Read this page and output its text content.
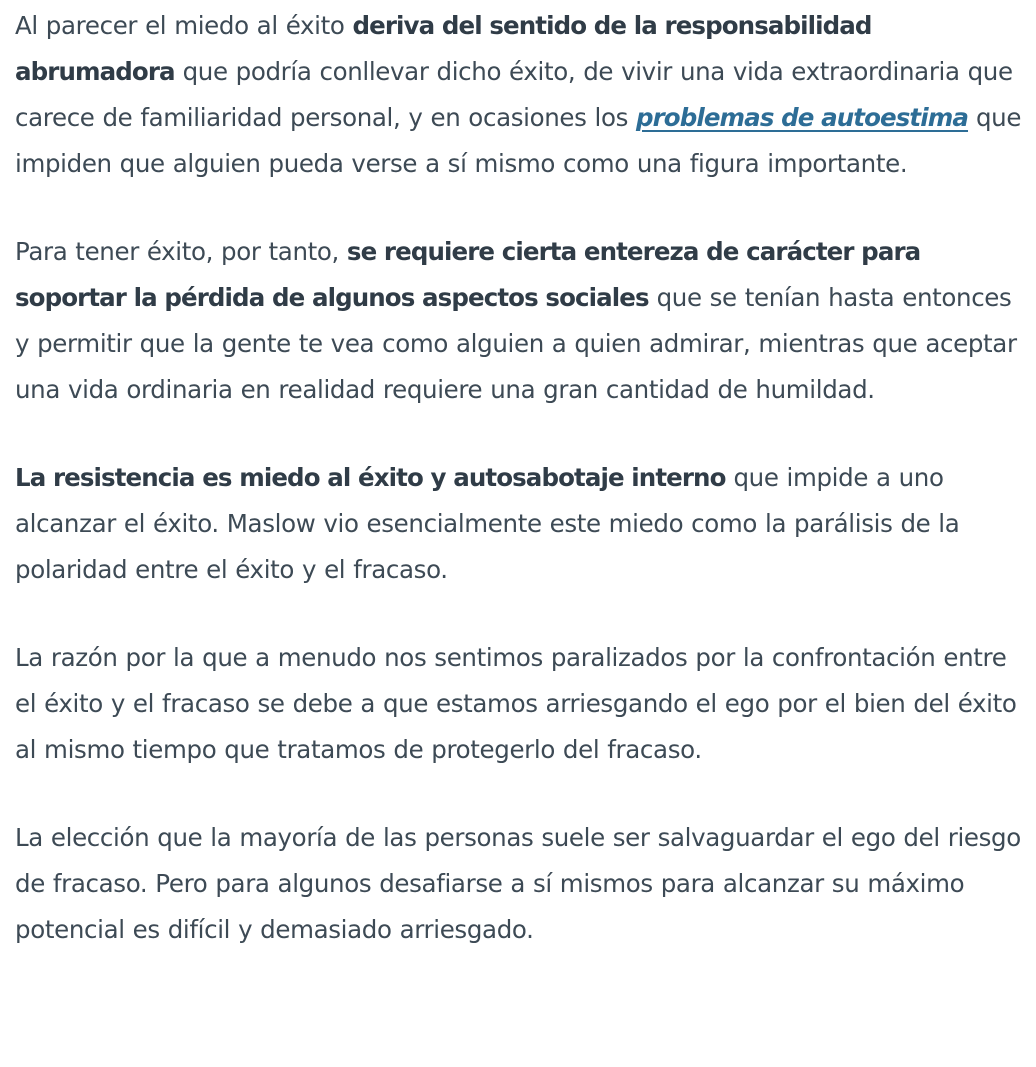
Al parecer el miedo al éxito deriva del sentido de la responsabilidad abrumadora que podría conllevar dicho éxito, de vivir una vida extraordinaria que carece de familiaridad personal, y en ocasiones los problemas de autoestima que impiden que alguien pueda verse a sí mismo como una figura importante.

Para tener éxito, por tanto, se requiere cierta entereza de carácter para soportar la pérdida de algunos aspectos sociales que se tenían hasta entonces y permitir que la gente te vea como alguien a quien admirar, mientras que aceptar una vida ordinaria en realidad requiere una gran cantidad de humildad.

La resistencia es miedo al éxito y autosabotaje interno que impide a uno alcanzar el éxito. Maslow vio esencialmente este miedo como la parálisis de la polaridad entre el éxito y el fracaso.

La razón por la que a menudo nos sentimos paralizados por la confrontación entre el éxito y el fracaso se debe a que estamos arriesgando el ego por el bien del éxito al mismo tiempo que tratamos de protegerlo del fracaso.

La elección que la mayoría de las personas suele ser salvaguardar el ego del riesgo de fracaso. Pero para algunos desafiarse a sí mismos para alcanzar su máximo potencial es difícil y demasiado arriesgado.
